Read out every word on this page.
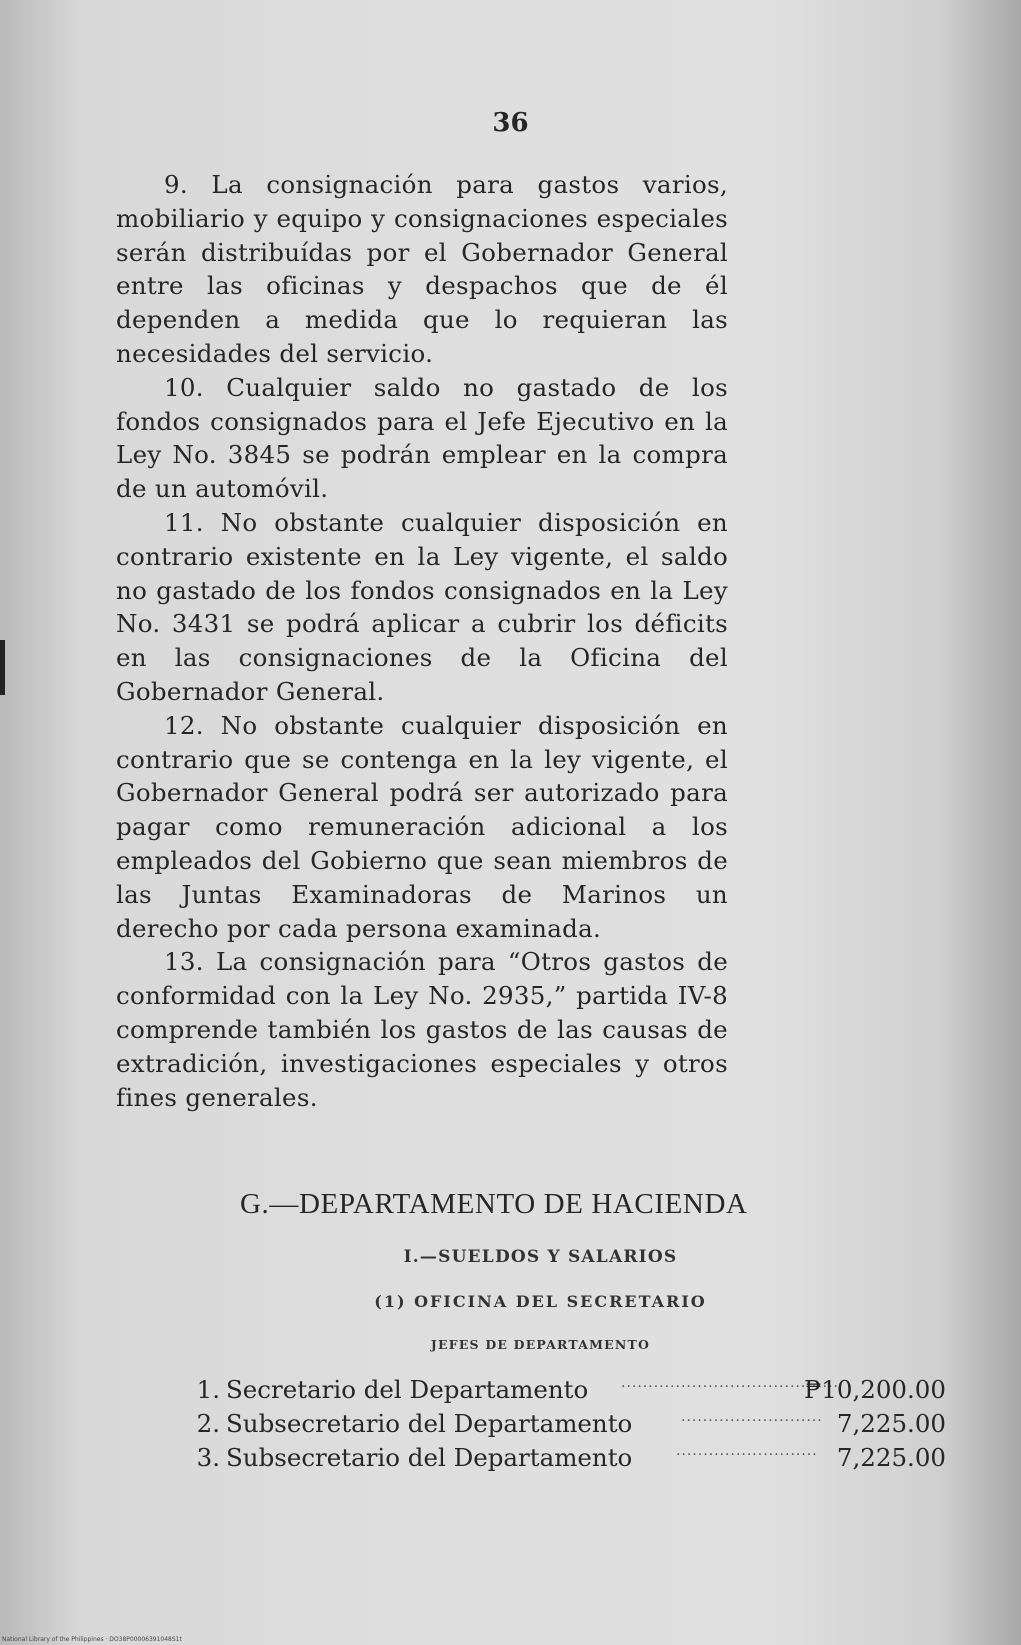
36

9. La consignación para gastos varios, mobiliario y equipo y consignaciones especiales serán distribuídas por el Gobernador General entre las oficinas y despachos que de él dependen a medida que lo requieran las necesidades del servicio.

10. Cualquier saldo no gastado de los fondos consignados para el Jefe Ejecutivo en la Ley No. 3845 se podrán emplear en la compra de un automóvil.

11. No obstante cualquier disposición en contrario existente en la Ley vigente, el saldo no gastado de los fondos consignados en la Ley No. 3431 se podrá aplicar a cubrir los déficits en las consignaciones de la Oficina del Gobernador General.

12. No obstante cualquier disposición en contrario que se contenga en la ley vigente, el Gobernador General podrá ser autorizado para pagar como remuneración adicional a los empleados del Gobierno que sean miembros de las Juntas Examinadoras de Marinos un derecho por cada persona examinada.

13. La consignación para “Otros gastos de conformidad con la Ley No. 2935,” partida IV-8 comprende también los gastos de las causas de extradición, investigaciones especiales y otros fines generales.

G.—DEPARTAMENTO DE HACIENDA
I.—SUELDOS Y SALARIOS
(1) OFICINA DEL SECRETARIO
JEFES DE DEPARTAMENTO
1. Secretario del Departamento ........................................
₱10,200.00
2. Subsecretario del Departamento	.......................... 7,225.00
3. Subsecretario del Departamento	.......................... 7,225.00
National Library of the Philippines · DO38P00006391048S1t
